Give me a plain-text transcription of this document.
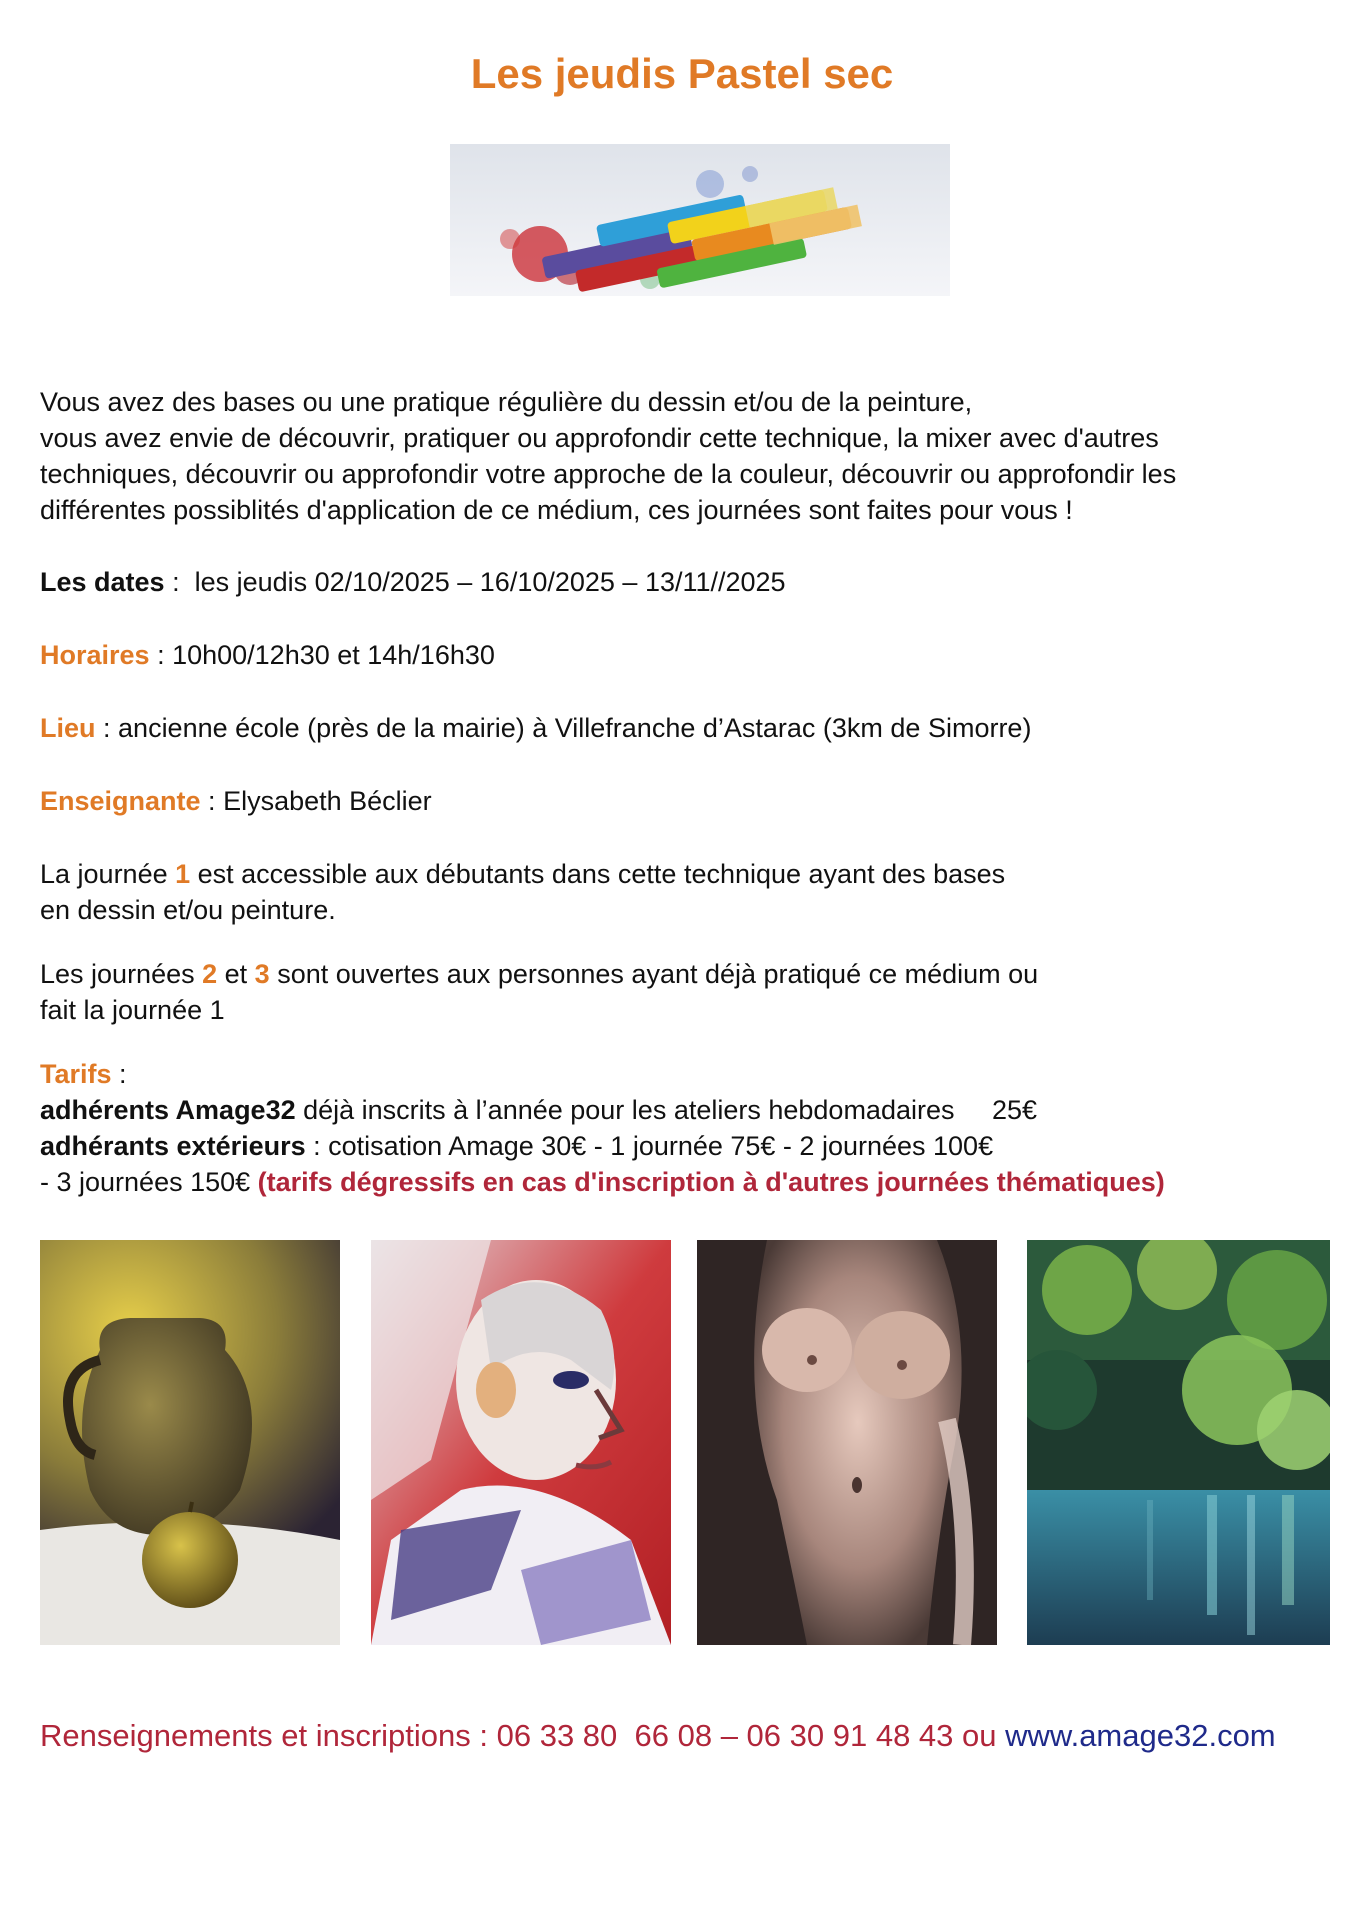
Les jeudis Pastel sec
Vous avez des bases ou une pratique régulière du dessin et/ou de la peinture,
vous avez envie de découvrir, pratiquer ou approfondir cette technique, la mixer avec d'autres
techniques, découvrir ou approfondir votre approche de la couleur, découvrir ou approfondir les
différentes possiblités d'application de ce médium, ces journées sont faites pour vous !
Les dates :  les jeudis 02/10/2025 – 16/10/2025 – 13/11//2025
Horaires : 10h00/12h30 et 14h/16h30
Lieu : ancienne école (près de la mairie) à Villefranche d’Astarac (3km de Simorre)
Enseignante : Elysabeth Béclier
La journée 1 est accessible aux débutants dans cette technique ayant des bases
en dessin et/ou peinture.
Les journées 2 et 3 sont ouvertes aux personnes ayant déjà pratiqué ce médium ou
fait la journée 1
Tarifs :
adhérents Amage32 déjà inscrits à l’année pour les ateliers hebdomadaires     25€
adhérants extérieurs : cotisation Amage 30€ - 1 journée 75€ - 2 journées 100€
- 3 journées 150€ (tarifs dégressifs en cas d'inscription à d'autres journées thématiques)
Renseignements et inscriptions : 06 33 80  66 08 – 06 30 91 48 43 ou www.amage32.com
